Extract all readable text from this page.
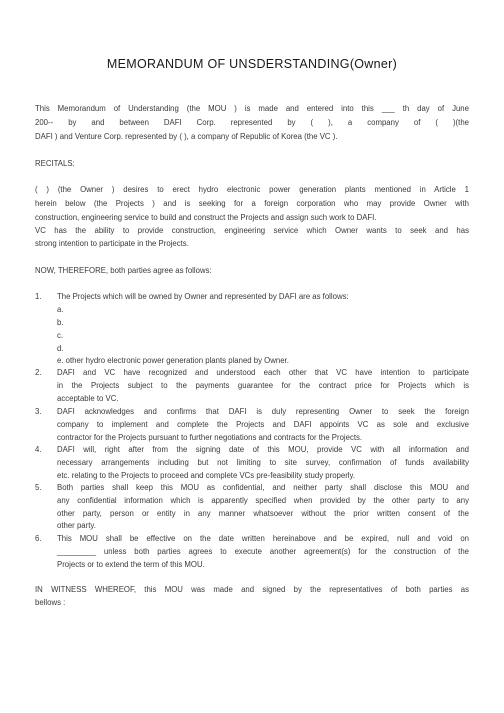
MEMORANDUM OF UNSDERSTANDING(Owner)
This Memorandum of Understanding (the MOU ) is made and entered into this ___ th day of June
200-- by and between DAFI Corp. represented by ( ), a company of ( )(the
DAFI ) and Venture Corp. represented by ( ), a company of Republic of Korea (the VC ).
RECITALS:
( ) (the Owner ) desires to erect hydro electronic power generation plants mentioned in Article 1
herein below (the Projects ) and is seeking for a foreign corporation who may provide Owner with
construction, engineering service to build and construct the Projects and assign such work to DAFI.
VC has the ability to provide construction, engineering service which Owner wants to seek and has
strong intention to participate in the Projects.
NOW, THEREFORE, both parties agree as follows:
1. The Projects which will be owned by Owner and represented by DAFI are as follows:
a.
b.
c.
d.
e. other hydro electronic power generation plants planed by Owner.
2. DAFI and VC have recognized and understood each other that VC have intention to participate
in the Projects subject to the payments guarantee for the contract price for Projects which is
acceptable to VC.
3. DAFI acknowledges and confirms that DAFI is duly representing Owner to seek the foreign
company to implement and complete the Projects and DAFI appoints VC as sole and exclusive
contractor for the Projects pursuant to further negotiations and contracts for the Projects.
4. DAFI will, right after from the signing date of this MOU, provide VC with all information and
necessary arrangements including but not limiting to site survey, confirmation of funds availability
etc. relating to the Projects to proceed and complete VCs pre-feasibility study properly.
5. Both parties shall keep this MOU as confidential, and neither party shall disclose this MOU and
any confidential information which is apparently specified when provided by the other party to any
other party, person or entity in any manner whatsoever without the prior written consent of the
other party.
6. This MOU shall be effective on the date written hereinabove and be expired, null and void on
_________ unless both parties agrees to execute another agreement(s) for the construction of the
Projects or to extend the term of this MOU.
IN WITNESS WHEREOF, this MOU was made and signed by the representatives of both parties as
bellows :
